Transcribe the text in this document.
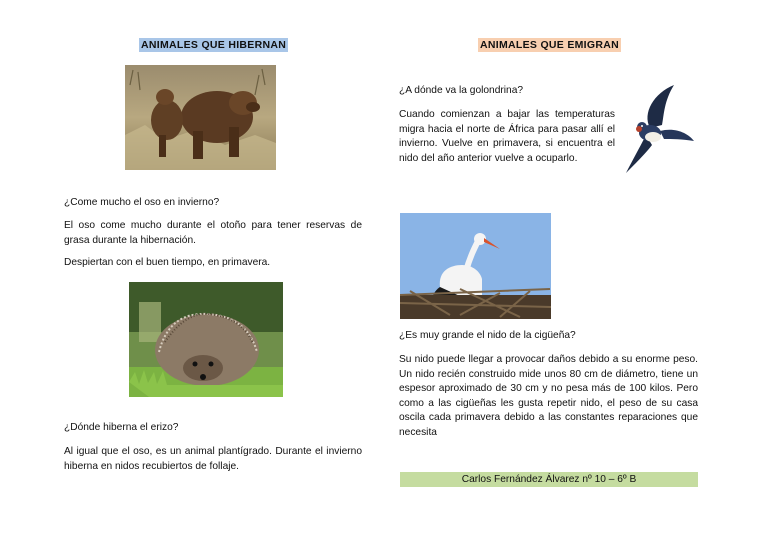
ANIMALES QUE HIBERNAN	ANIMALES QUE EMIGRAN

¿Come mucho el oso en invierno?

El oso come mucho durante el otoño para tener reservas de grasa durante la hibernación.

Despiertan con el buen tiempo, en primavera.

¿Dónde hiberna el erizo?

Al igual que el oso, es un animal plantígrado. Durante el invierno hiberna en nidos recubiertos de follaje.

¿A dónde va la golondrina?

Cuando comienzan a bajar las temperaturas migra hacia el norte de África para pasar allí el invierno. Vuelve en primavera, si encuentra el nido del año anterior vuelve a ocuparlo.

¿Es muy grande el nido de la cigüeña?

Su nido puede llegar a provocar daños debido a su enorme peso. Un nido recién construido mide unos 80 cm de diámetro, tiene un espesor aproximado de 30 cm y no pesa más de 100 kilos. Pero como a las cigüeñas les gusta repetir nido, el peso de su casa oscila cada primavera debido a las constantes reparaciones que necesita

Carlos Fernández Álvarez nº 10 – 6º B
